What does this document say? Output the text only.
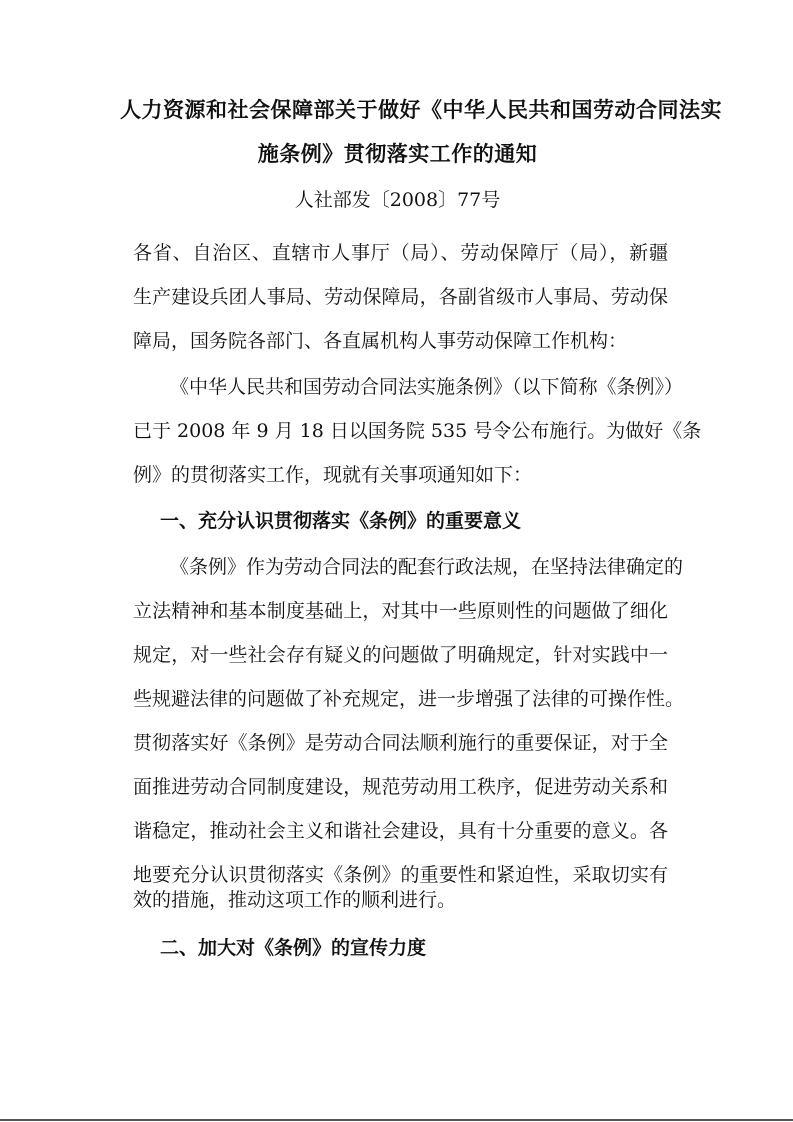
人力资源和社会保障部关于做好《中华人民共和国劳动合同法实
施条例》贯彻落实工作的通知
人社部发〔2008〕77号
各省、自治区、直辖市人事厅（局）、劳动保障厅（局），新疆
生产建设兵团人事局、劳动保障局，各副省级市人事局、劳动保
障局，国务院各部门、各直属机构人事劳动保障工作机构：
《中华人民共和国劳动合同法实施条例》（以下简称《条例》）
已于 2008 年 9 月 18 日以国务院 535 号令公布施行。为做好《条
例》的贯彻落实工作，现就有关事项通知如下：
一、充分认识贯彻落实《条例》的重要意义
《条例》作为劳动合同法的配套行政法规，在坚持法律确定的
立法精神和基本制度基础上，对其中一些原则性的问题做了细化
规定，对一些社会存有疑义的问题做了明确规定，针对实践中一
些规避法律的问题做了补充规定，进一步增强了法律的可操作性。
贯彻落实好《条例》是劳动合同法顺利施行的重要保证，对于全
面推进劳动合同制度建设，规范劳动用工秩序，促进劳动关系和
谐稳定，推动社会主义和谐社会建设，具有十分重要的意义。各
地要充分认识贯彻落实《条例》的重要性和紧迫性，采取切实有
效的措施，推动这项工作的顺利进行。
二、加大对《条例》的宣传力度
